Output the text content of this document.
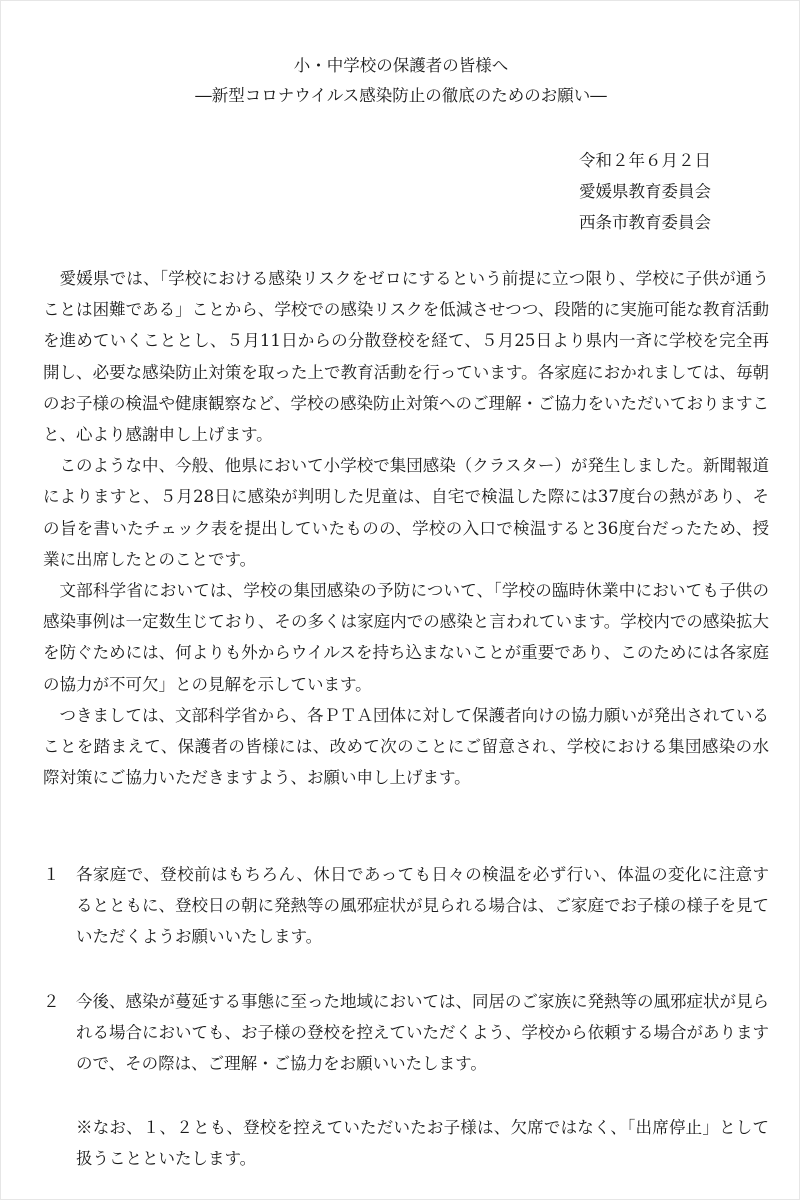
小・中学校の保護者の皆様へ
―新型コロナウイルス感染防止の徹底のためのお願い―
令和２年６月２日
愛媛県教育委員会
西条市教育委員会

愛媛県では、「学校における感染リスクをゼロにするという前提に立つ限り、学校に子供が通うことは困難である」ことから、学校での感染リスクを低減させつつ、段階的に実施可能な教育活動を進めていくこととし、５月11日からの分散登校を経て、５月25日より県内一斉に学校を完全再開し、必要な感染防止対策を取った上で教育活動を行っています。各家庭におかれましては、毎朝のお子様の検温や健康観察など、学校の感染防止対策へのご理解・ご協力をいただいておりますこと、心より感謝申し上げます。

このような中、今般、他県において小学校で集団感染（クラスター）が発生しました。新聞報道によりますと、５月28日に感染が判明した児童は、自宅で検温した際には37度台の熱があり、その旨を書いたチェック表を提出していたものの、学校の入口で検温すると36度台だったため、授業に出席したとのことです。

文部科学省においては、学校の集団感染の予防について、「学校の臨時休業中においても子供の感染事例は一定数生じており、その多くは家庭内での感染と言われています。学校内での感染拡大を防ぐためには、何よりも外からウイルスを持ち込まないことが重要であり、このためには各家庭の協力が不可欠」との見解を示しています。

つきましては、文部科学省から、各ＰＴＡ団体に対して保護者向けの協力願いが発出されていることを踏まえて、保護者の皆様には、改めて次のことにご留意され、学校における集団感染の水際対策にご協力いただきますよう、お願い申し上げます。

１ 各家庭で、登校前はもちろん、休日であっても日々の検温を必ず行い、体温の変化に注意するとともに、登校日の朝に発熱等の風邪症状が見られる場合は、ご家庭でお子様の様子を見ていただくようお願いいたします。
２ 今後、感染が蔓延する事態に至った地域においては、同居のご家族に発熱等の風邪症状が見られる場合においても、お子様の登校を控えていただくよう、学校から依頼する場合がありますので、その際は、ご理解・ご協力をお願いいたします。
※なお、１、２とも、登校を控えていただいたお子様は、欠席ではなく、「出席停止」として扱うことといたします。
